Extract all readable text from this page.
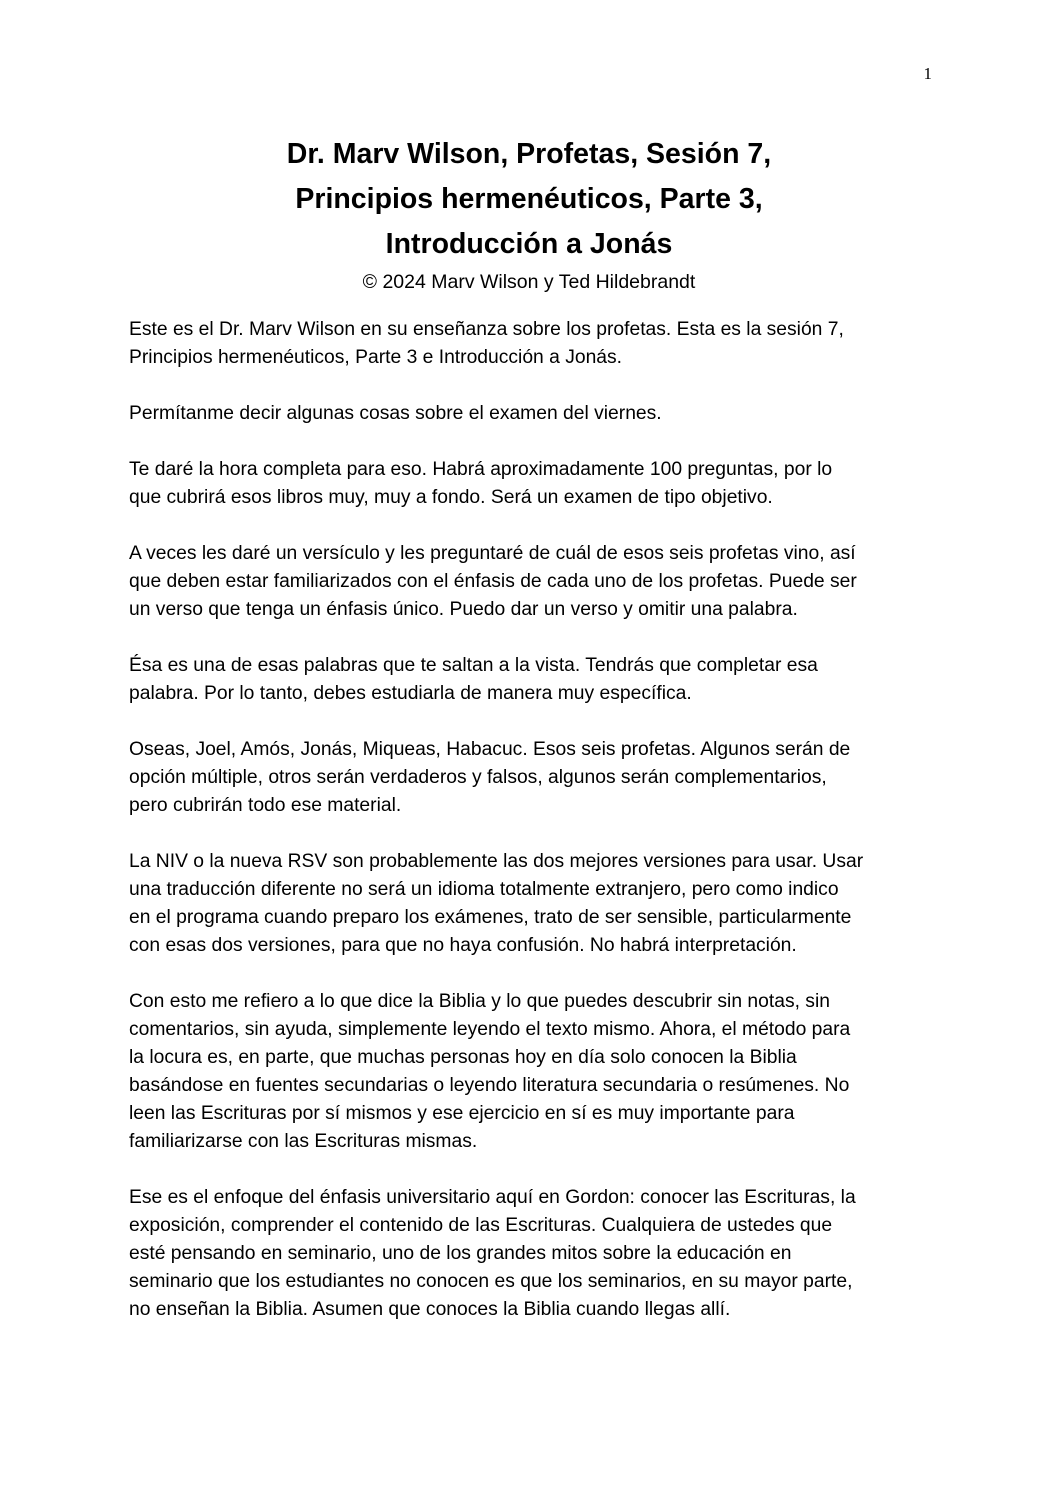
1
Dr. Marv Wilson, Profetas, Sesión 7,
Principios hermenéuticos, Parte 3,
Introducción a Jonás
© 2024 Marv Wilson y Ted Hildebrandt
Este es el Dr. Marv Wilson en su enseñanza sobre los profetas. Esta es la sesión 7,
Principios hermenéuticos, Parte 3 e Introducción a Jonás.
Permítanme decir algunas cosas sobre el examen del viernes.
Te daré la hora completa para eso. Habrá aproximadamente 100 preguntas, por lo
que cubrirá esos libros muy, muy a fondo. Será un examen de tipo objetivo.
A veces les daré un versículo y les preguntaré de cuál de esos seis profetas vino, así
que deben estar familiarizados con el énfasis de cada uno de los profetas. Puede ser
un verso que tenga un énfasis único. Puedo dar un verso y omitir una palabra.
Ésa es una de esas palabras que te saltan a la vista. Tendrás que completar esa
palabra. Por lo tanto, debes estudiarla de manera muy específica.
Oseas, Joel, Amós, Jonás, Miqueas, Habacuc. Esos seis profetas. Algunos serán de
opción múltiple, otros serán verdaderos y falsos, algunos serán complementarios,
pero cubrirán todo ese material.
La NIV o la nueva RSV son probablemente las dos mejores versiones para usar. Usar
una traducción diferente no será un idioma totalmente extranjero, pero como indico
en el programa cuando preparo los exámenes, trato de ser sensible, particularmente
con esas dos versiones, para que no haya confusión. No habrá interpretación.
Con esto me refiero a lo que dice la Biblia y lo que puedes descubrir sin notas, sin
comentarios, sin ayuda, simplemente leyendo el texto mismo. Ahora, el método para
la locura es, en parte, que muchas personas hoy en día solo conocen la Biblia
basándose en fuentes secundarias o leyendo literatura secundaria o resúmenes. No
leen las Escrituras por sí mismos y ese ejercicio en sí es muy importante para
familiarizarse con las Escrituras mismas.
Ese es el enfoque del énfasis universitario aquí en Gordon: conocer las Escrituras, la
exposición, comprender el contenido de las Escrituras. Cualquiera de ustedes que
esté pensando en seminario, uno de los grandes mitos sobre la educación en
seminario que los estudiantes no conocen es que los seminarios, en su mayor parte,
no enseñan la Biblia. Asumen que conoces la Biblia cuando llegas allí.
